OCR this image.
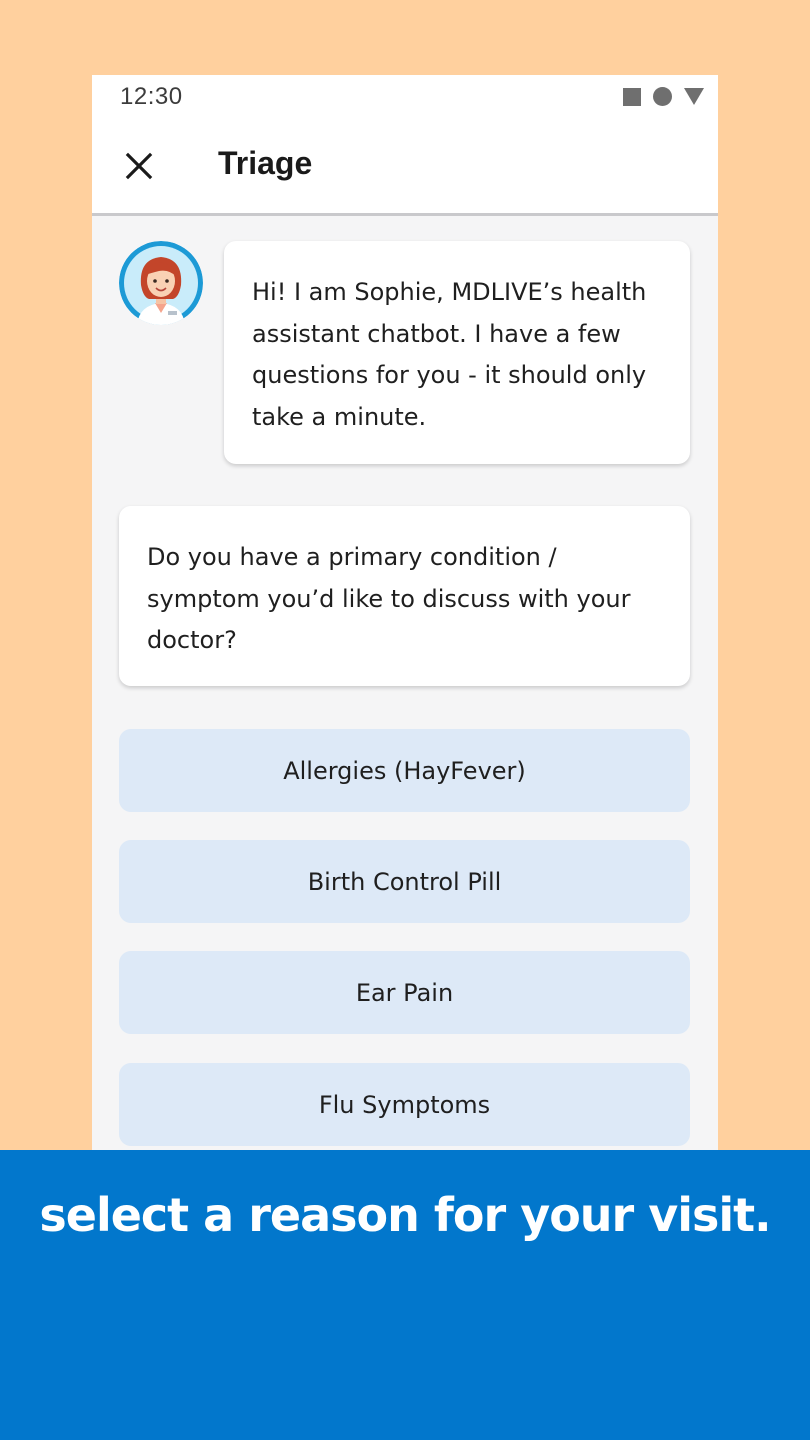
12:30
Triage
Hi! I am Sophie, MDLIVE’s health assistant chatbot. I have a few questions for you - it should only take a minute.
Do you have a primary condition / symptom you’d like to discuss with your doctor?
Allergies (HayFever)
Birth Control Pill
Ear Pain
Flu Symptoms
select a reason for your visit.
